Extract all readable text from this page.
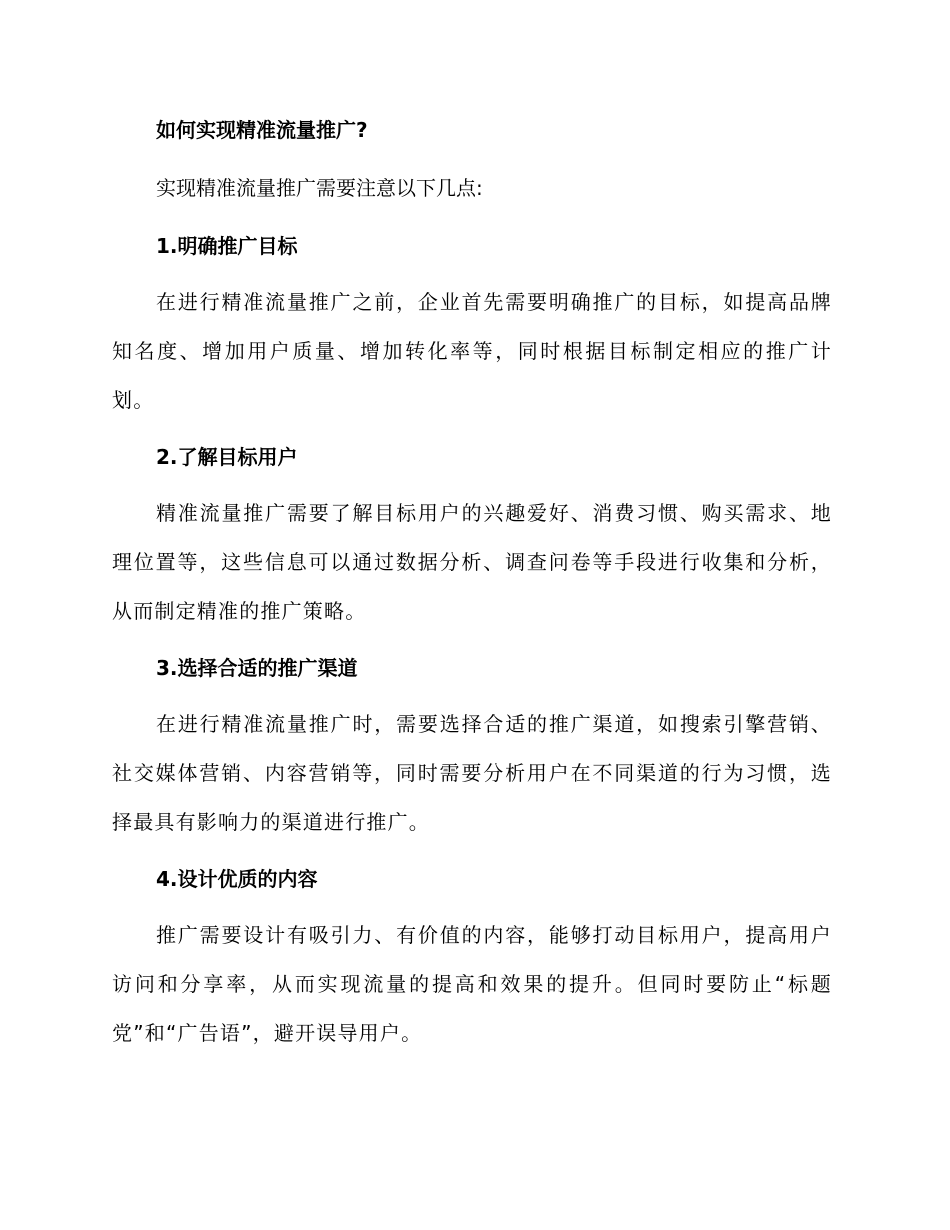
如何实现精准流量推广?

实现精准流量推广需要注意以下几点:

1.明确推广目标

在进行精准流量推广之前，企业首先需要明确推广的目标，如提高品牌知名度、增加用户质量、增加转化率等，同时根据目标制定相应的推广计划。

2.了解目标用户

精准流量推广需要了解目标用户的兴趣爱好、消费习惯、购买需求、地理位置等，这些信息可以通过数据分析、调查问卷等手段进行收集和分析，从而制定精准的推广策略。

3.选择合适的推广渠道

在进行精准流量推广时，需要选择合适的推广渠道，如搜索引擎营销、社交媒体营销、内容营销等，同时需要分析用户在不同渠道的行为习惯，选择最具有影响力的渠道进行推广。

4.设计优质的内容

推广需要设计有吸引力、有价值的内容，能够打动目标用户，提高用户访问和分享率，从而实现流量的提高和效果的提升。但同时要防止“标题党”和“广告语”，避开误导用户。
